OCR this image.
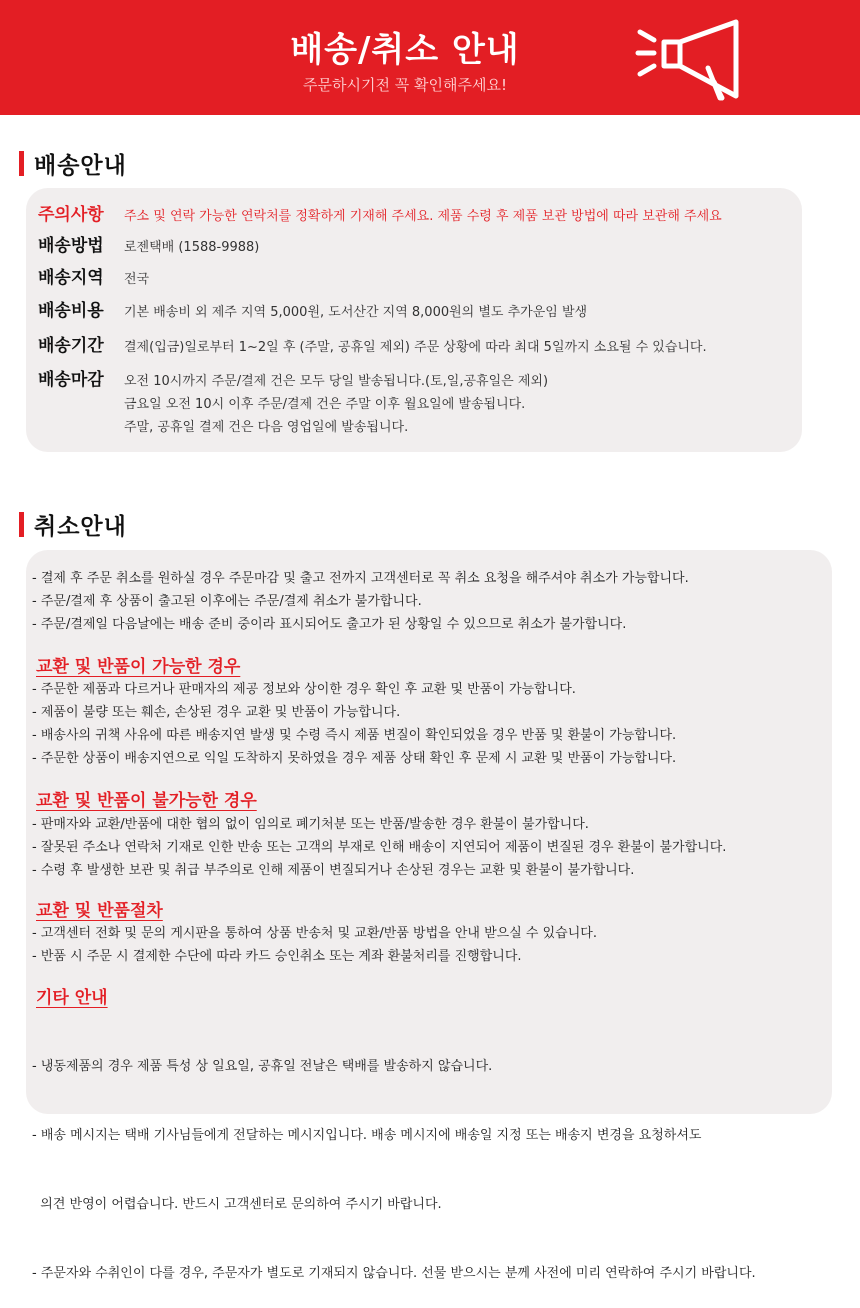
배송/취소 안내
주문하시기전 꼭 확인해주세요!
배송안내
주의사항	주소 및 연락 가능한 연락처를 정확하게 기재해 주세요. 제품 수령 후 제품 보관 방법에 따라 보관해 주세요
배송방법	로젠택배 (1588-9988)
배송지역	전국
배송비용	기본 배송비 외 제주 지역 5,000원, 도서산간 지역 8,000원의 별도 추가운임 발생
배송기간	결제(입금)일로부터 1~2일 후 (주말, 공휴일 제외) 주문 상황에 따라 최대 5일까지 소요될 수 있습니다.
배송마감	오전 10시까지 주문/결제 건은 모두 당일 발송됩니다.(토,일,공휴일은 제외)
금요일 오전 10시 이후 주문/결제 건은 주말 이후 월요일에 발송됩니다.
주말, 공휴일 결제 건은 다음 영업일에 발송됩니다.
취소안내
- 결제 후 주문 취소를 원하실 경우 주문마감 및 출고 전까지 고객센터로 꼭 취소 요청을 해주셔야 취소가 가능합니다.
- 주문/결제 후 상품이 출고된 이후에는 주문/결제 취소가 불가합니다.
- 주문/결제일 다음날에는 배송 준비 중이라 표시되어도 출고가 된 상황일 수 있으므로 취소가 불가합니다.
교환 및 반품이 가능한 경우
- 주문한 제품과 다르거나 판매자의 제공 정보와 상이한 경우 확인 후 교환 및 반품이 가능합니다.
- 제품이 불량 또는 훼손, 손상된 경우 교환 및 반품이 가능합니다.
- 배송사의 귀책 사유에 따른 배송지연 발생 및 수령 즉시 제품 변질이 확인되었을 경우 반품 및 환불이 가능합니다.
- 주문한 상품이 배송지연으로 익일 도착하지 못하였을 경우 제품 상태 확인 후 문제 시 교환 및 반품이 가능합니다.
교환 및 반품이 불가능한 경우
- 판매자와 교환/반품에 대한 협의 없이 임의로 폐기처분 또는 반품/발송한 경우 환불이 불가합니다.
- 잘못된 주소나 연락처 기재로 인한 반송 또는 고객의 부재로 인해 배송이 지연되어 제품이 변질된 경우 환불이 불가합니다.
- 수령 후 발생한 보관 및 취급 부주의로 인해 제품이 변질되거나 손상된 경우는 교환 및 환불이 불가합니다.
교환 및 반품절차
- 고객센터 전화 및 문의 게시판을 통하여 상품 반송처 및 교환/반품 방법을 안내 받으실 수 있습니다.
- 반품 시 주문 시 결제한 수단에 따라 카드 승인취소 또는 계좌 환불처리를 진행합니다.
기타 안내

- 냉동제품의 경우 제품 특성 상 일요일, 공휴일 전날은 택배를 발송하지 않습니다.

- 배송 메시지는 택배 기사님들에게 전달하는 메시지입니다. 배송 메시지에 배송일 지정 또는 배송지 변경을 요청하셔도

의견 반영이 어렵습니다. 반드시 고객센터로 문의하여 주시기 바랍니다.

- 주문자와 수취인이 다를 경우, 주문자가 별도로 기재되지 않습니다. 선물 받으시는 분께 사전에 미리 연락하여 주시기 바랍니다.
